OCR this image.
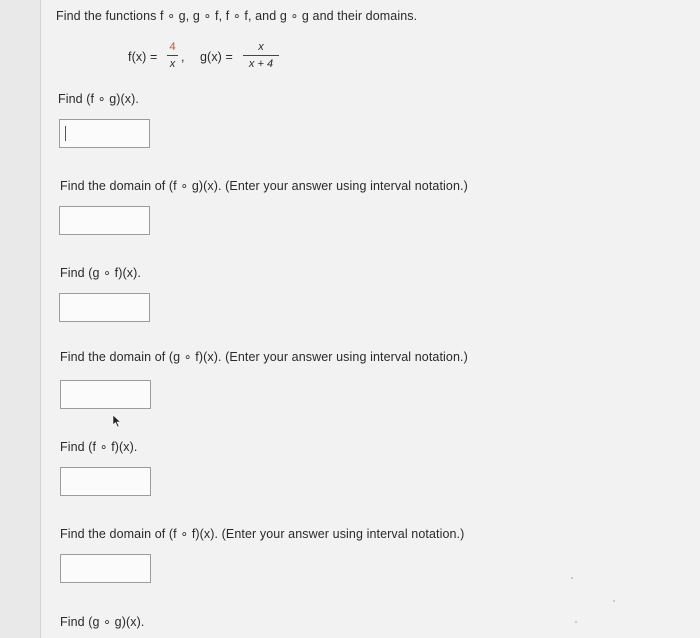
Find the functions f ∘ g, g ∘ f, f ∘ f, and g ∘ g and their domains.
f(x) =
4
x , g(x) =
x
x + 4
Find (f ∘ g)(x).
Find the domain of (f ∘ g)(x). (Enter your answer using interval notation.)
Find (g ∘ f)(x).
Find the domain of (g ∘ f)(x). (Enter your answer using interval notation.)
Find (f ∘ f)(x).
Find the domain of (f ∘ f)(x). (Enter your answer using interval notation.)
Find (g ∘ g)(x).
